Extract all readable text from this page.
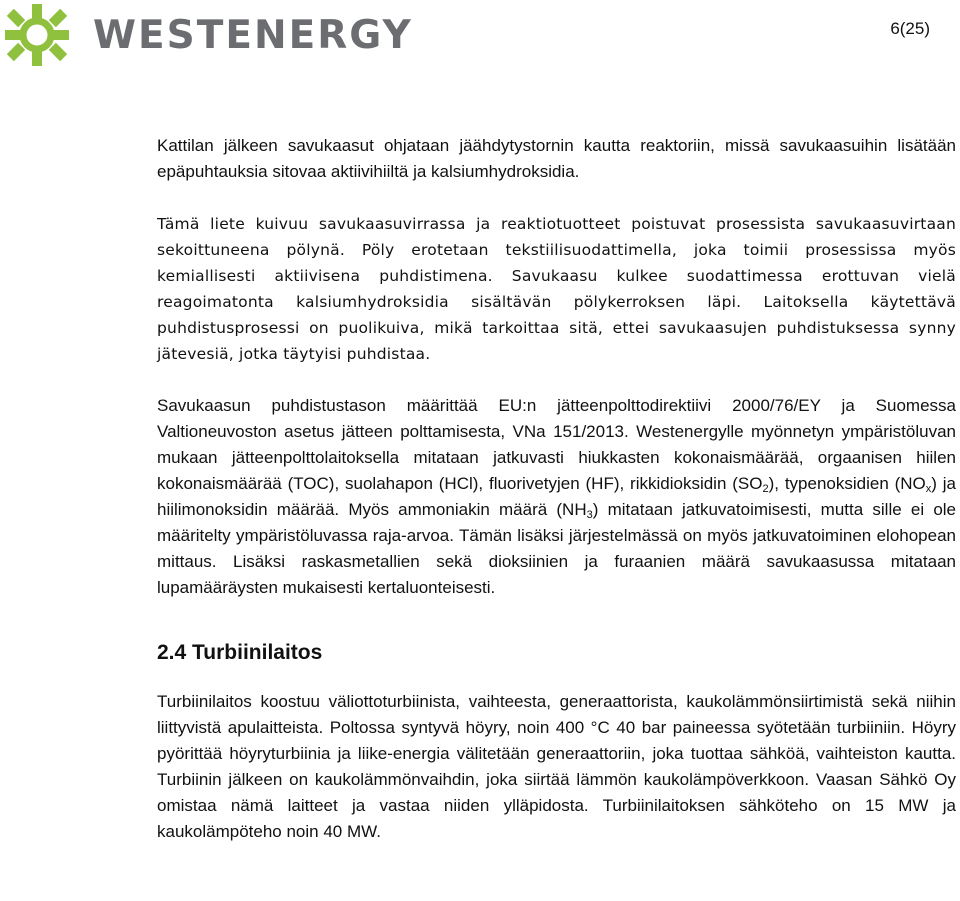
WESTENERGY	6(25)

Kattilan jälkeen savukaasut ohjataan jäähdytystornin kautta reaktoriin, missä savukaasuihin lisätään epäpuhtauksia sitovaa aktiivihiiltä ja kalsiumhydroksidia.

Tämä liete kuivuu savukaasuvirrassa ja reaktiotuotteet poistuvat prosessista savukaasuvirtaan sekoittuneena pölynä. Pöly erotetaan tekstiilisuodattimella, joka toimii prosessissa myös kemiallisesti aktiivisena puhdistimena. Savukaasu kulkee suodattimessa erottuvan vielä reagoimatonta kalsiumhydroksidia sisältävän pölykerroksen läpi. Laitoksella käytettävä puhdistusprosessi on puolikuiva, mikä tarkoittaa sitä, ettei savukaasujen puhdistuksessa synny jätevesiä, jotka täytyisi puhdistaa.

Savukaasun puhdistustason määrittää EU:n jätteenpolttodirektiivi 2000/76/EY ja Suomessa Valtioneuvoston asetus jätteen polttamisesta, VNa 151/2013. Westenergylle myönnetyn ympäristöluvan mukaan jätteenpolttolaitoksella mitataan jatkuvasti hiukkasten kokonaismäärää, orgaanisen hiilen kokonaismäärää (TOC), suolahapon (HCl), fluorivetyjen (HF), rikkidioksidin $(SO_2)$, typenoksidien $(NO_x)$ ja hiilimonoksidin määrää. Myös ammoniakin määrä $(NH_3)$ mitataan jatkuvatoimisesti, mutta sille ei ole määritelty ympäristöluvassa raja-arvoa. Tämän lisäksi järjestelmässä on myös jatkuvatoiminen elohopean mittaus. Lisäksi raskasmetallien sekä dioksiinien ja furaanien määrä savukaasussa mitataan lupamääräysten mukaisesti kertaluonteisesti.

2.4 Turbiinilaitos

Turbiinilaitos koostuu väliottoturbiinista, vaihteesta, generaattorista, kaukolämmönsiirtimistä sekä niihin liittyvistä apulaitteista. Poltossa syntyvä höyry, noin 400 °C 40 bar paineessa syötetään turbiiniin. Höyry pyörittää höyryturbiinia ja liike-energia välitetään generaattoriin, joka tuottaa sähköä, vaihteiston kautta. Turbiinin jälkeen on kaukolämmönvaihdin, joka siirtää lämmön kaukolämpöverkkoon. Vaasan Sähkö Oy omistaa nämä laitteet ja vastaa niiden ylläpidosta. Turbiinilaitoksen sähköteho on 15 MW ja kaukolämpöteho noin 40 MW.
